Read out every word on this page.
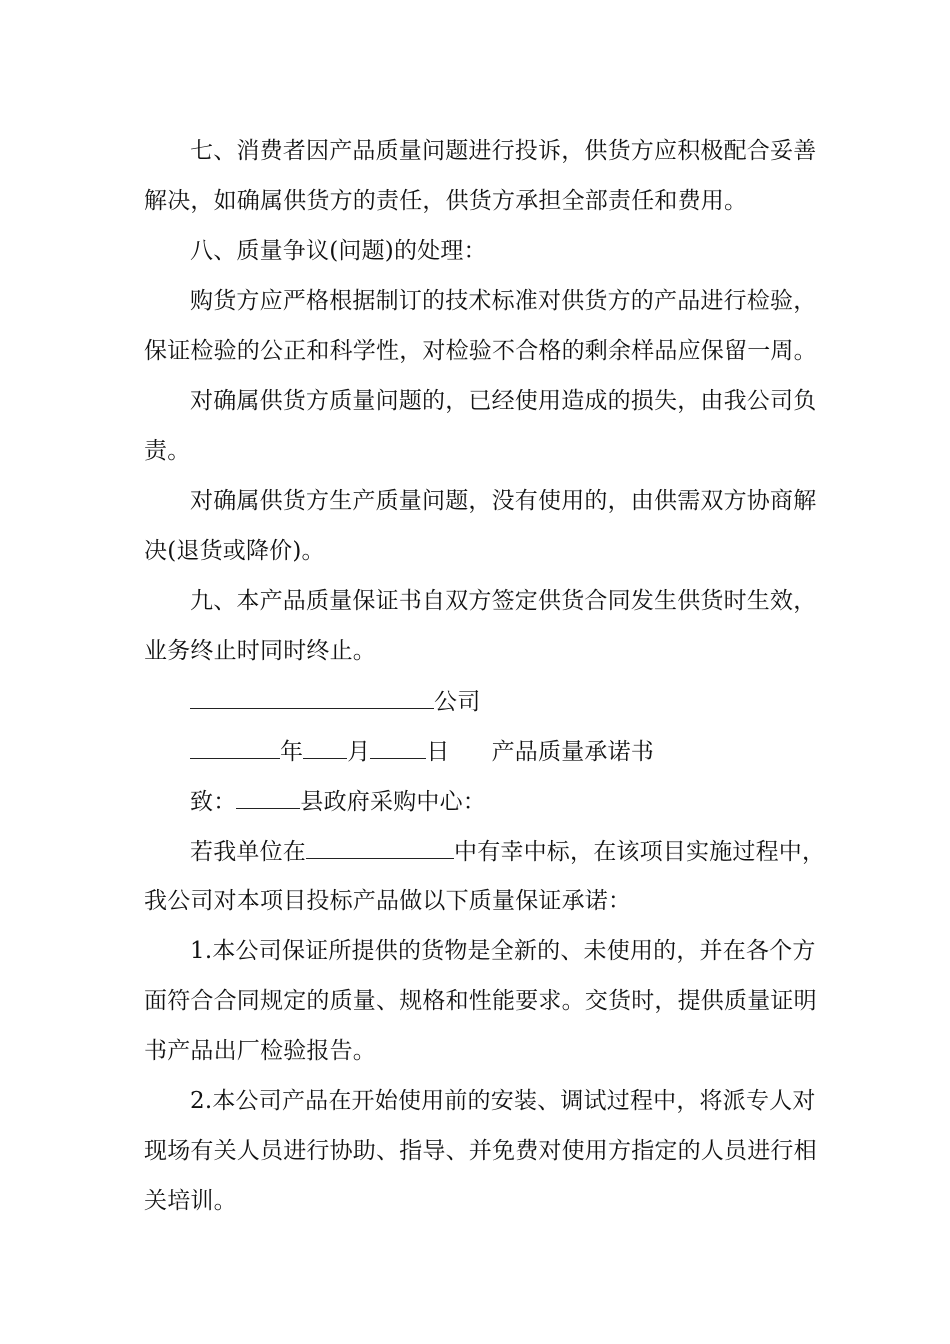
七、消费者因产品质量问题进行投诉，供货方应积极配合妥善
解决，如确属供货方的责任，供货方承担全部责任和费用。
八、质量争议(问题)的处理：
购货方应严格根据制订的技术标准对供货方的产品进行检验，
保证检验的公正和科学性，对检验不合格的剩余样品应保留一周。
对确属供货方质量问题的，已经使用造成的损失，由我公司负
责。
对确属供货方生产质量问题，没有使用的，由供需双方协商解
决(退货或降价)。
九、本产品质量保证书自双方签定供货合同发生供货时生效，
业务终止时同时终止。
公司
年 月 日 产品质量承诺书
致：	县政府采购中心：
若我单位在	中有幸中标，在该项目实施过程中，
我公司对本项目投标产品做以下质量保证承诺：
1.本公司保证所提供的货物是全新的、未使用的，并在各个方
面符合合同规定的质量、规格和性能要求。交货时，提供质量证明
书产品出厂检验报告。
2.本公司产品在开始使用前的安装、调试过程中，将派专人对
现场有关人员进行协助、指导、并免费对使用方指定的人员进行相
关培训。
